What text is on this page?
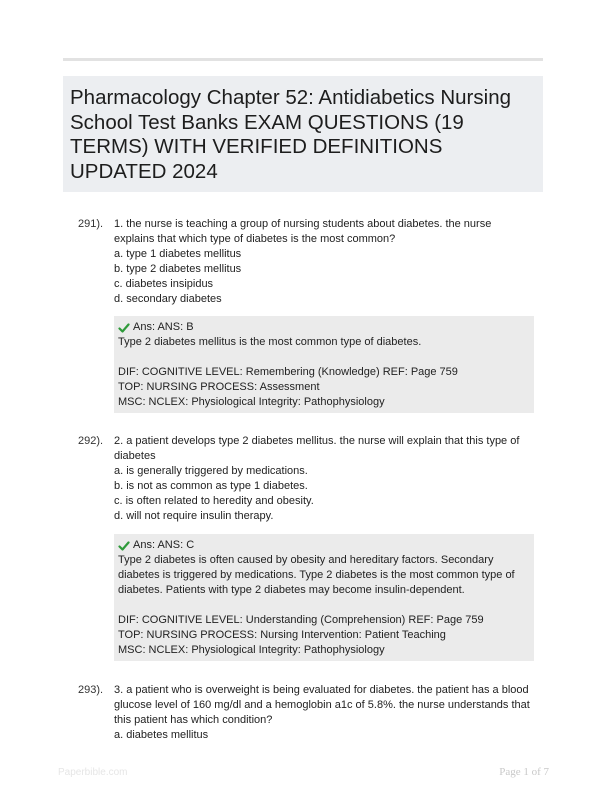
Pharmacology Chapter 52: Antidiabetics Nursing School Test Banks EXAM QUESTIONS (19 TERMS) WITH VERIFIED DEFINITIONS UPDATED 2024
291). 1. the nurse is teaching a group of nursing students about diabetes. the nurse explains that which type of diabetes is the most common?

a. type 1 diabetes mellitus

b. type 2 diabetes mellitus

c. diabetes insipidus

d. secondary diabetes

Ans: ANS: B

Type 2 diabetes mellitus is the most common type of diabetes.

DIF: COGNITIVE LEVEL: Remembering (Knowledge) REF: Page 759

TOP: NURSING PROCESS: Assessment

MSC: NCLEX: Physiological Integrity: Pathophysiology

292). 2. a patient develops type 2 diabetes mellitus. the nurse will explain that this type of diabetes

a. is generally triggered by medications.

b. is not as common as type 1 diabetes.

c. is often related to heredity and obesity.

d. will not require insulin therapy.

Ans: ANS: C

Type 2 diabetes is often caused by obesity and hereditary factors. Secondary diabetes is triggered by medications. Type 2 diabetes is the most common type of diabetes. Patients with type 2 diabetes may become insulin-dependent.

DIF: COGNITIVE LEVEL: Understanding (Comprehension) REF: Page 759

TOP: NURSING PROCESS: Nursing Intervention: Patient Teaching

MSC: NCLEX: Physiological Integrity: Pathophysiology

293). 3. a patient who is overweight is being evaluated for diabetes. the patient has a blood glucose level of 160 mg/dl and a hemoglobin a1c of 5.8%. the nurse understands that this patient has which condition?

a. diabetes mellitus

Paperbible.com	Page 1 of 7
